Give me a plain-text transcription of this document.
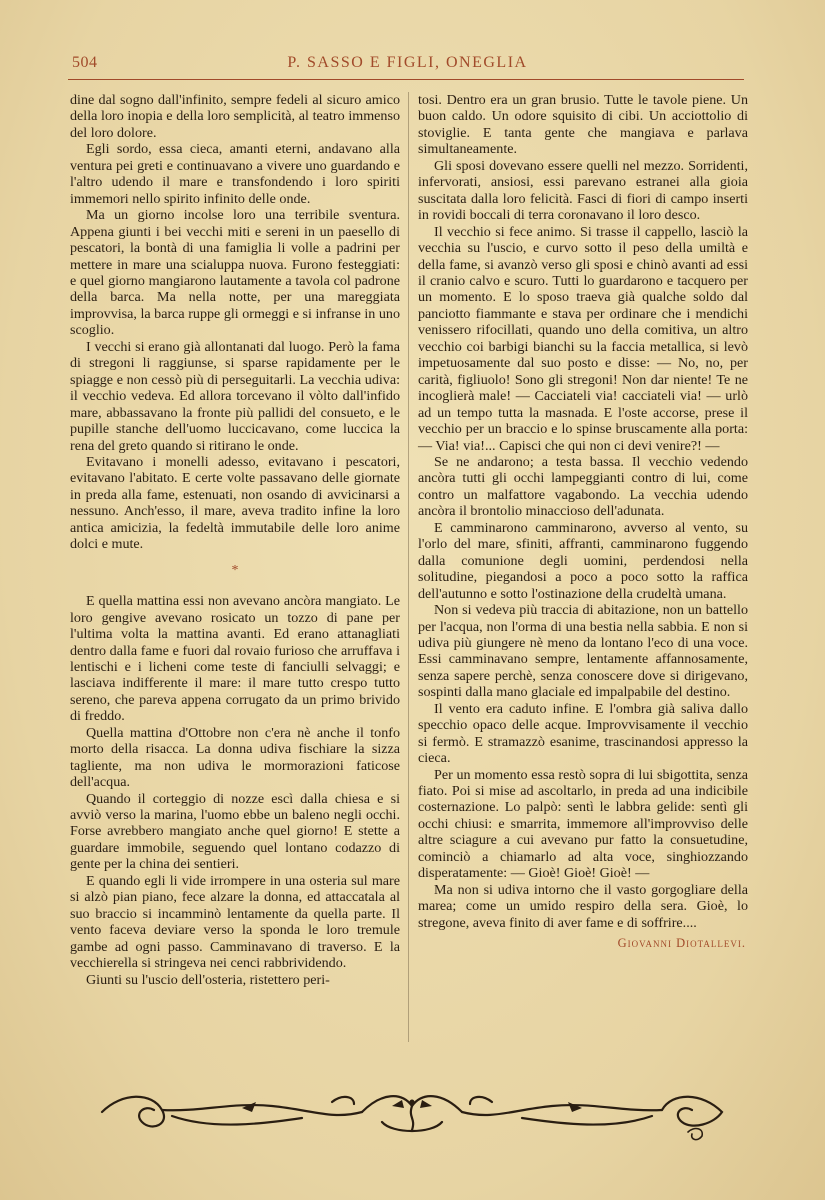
504	P. SASSO E FIGLI, ONEGLIA

dine dal sogno dall'infinito, sempre fedeli al sicuro amico della loro inopia e della loro semplicità, al teatro immenso del loro dolore.

Egli sordo, essa cieca, amanti eterni, andavano alla ventura pei greti e continuavano a vivere uno guardando e l'altro udendo il mare e transfondendo i loro spiriti immemori nello spirito infinito delle onde.

Ma un giorno incolse loro una terribile sventura. Appena giunti i bei vecchi miti e sereni in un paesello di pescatori, la bontà di una famiglia li volle a padrini per mettere in mare una scialuppa nuova. Furono festeggiati: e quel giorno mangiarono lautamente a tavola col padrone della barca. Ma nella notte, per una mareggiata improvvisa, la barca ruppe gli ormeggi e si infranse in uno scoglio.

I vecchi si erano già allontanati dal luogo. Però la fama di stregoni li raggiunse, si sparse rapidamente per le spiagge e non cessò più di perseguitarli. La vecchia udiva: il vecchio vedeva. Ed allora torcevano il vòlto dall'infido mare, abbassavano la fronte più pallidi del consueto, e le pupille stanche dell'uomo luccicavano, come luccica la rena del greto quando si ritirano le onde.

Evitavano i monelli adesso, evitavano i pescatori, evitavano l'abitato. E certe volte passavano delle giornate in preda alla fame, estenuati, non osando di avvicinarsi a nessuno. Anch'esso, il mare, aveva tradito infine la loro antica amicizia, la fedeltà immutabile delle loro anime dolci e mute.

*

E quella mattina essi non avevano ancòra mangiato. Le loro gengive avevano rosicato un tozzo di pane per l'ultima volta la mattina avanti. Ed erano attanagliati dentro dalla fame e fuori dal rovaio furioso che arruffava i lentischi e i licheni come teste di fanciulli selvaggi; e lasciava indifferente il mare: il mare tutto crespo tutto sereno, che pareva appena corrugato da un primo brivido di freddo.

Quella mattina d'Ottobre non c'era nè anche il tonfo morto della risacca. La donna udiva fischiare la sizza tagliente, ma non udiva le mormorazioni faticose dell'acqua.

Quando il corteggio di nozze escì dalla chiesa e si avviò verso la marina, l'uomo ebbe un baleno negli occhi. Forse avrebbero mangiato anche quel giorno! E stette a guardare immobile, seguendo quel lontano codazzo di gente per la china dei sentieri.

E quando egli li vide irrompere in una osteria sul mare si alzò pian piano, fece alzare la donna, ed attaccatala al suo braccio si incamminò lentamente da quella parte. Il vento faceva deviare verso la sponda le loro tremule gambe ad ogni passo. Camminavano di traverso. E la vecchierella si stringeva nei cenci rabbrividendo.

Giunti su l'uscio dell'osteria, ristettero peri-

tosi. Dentro era un gran brusio. Tutte le tavole piene. Un buon caldo. Un odore squisito di cibi. Un acciottolio di stoviglie. E tanta gente che mangiava e parlava simultaneamente.

Gli sposi dovevano essere quelli nel mezzo. Sorridenti, infervorati, ansiosi, essi parevano estranei alla gioia suscitata dalla loro felicità. Fasci di fiori di campo inserti in rovidi boccali di terra coronavano il loro desco.

Il vecchio si fece animo. Si trasse il cappello, lasciò la vecchia su l'uscio, e curvo sotto il peso della umiltà e della fame, si avanzò verso gli sposi e chinò avanti ad essi il cranio calvo e scuro. Tutti lo guardarono e tacquero per un momento. E lo sposo traeva già qualche soldo dal panciotto fiammante e stava per ordinare che i mendichi venissero rifocillati, quando uno della comitiva, un altro vecchio coi barbigi bianchi su la faccia metallica, si levò impetuosamente dal suo posto e disse: — No, no, per carità, figliuolo! Sono gli stregoni! Non dar niente! Te ne incoglierà male! — Cacciateli via! cacciateli via! — urlò ad un tempo tutta la masnada. E l'oste accorse, prese il vecchio per un braccio e lo spinse bruscamente alla porta: — Via! via!... Capisci che qui non ci devi venire?! —

Se ne andarono; a testa bassa. Il vecchio vedendo ancòra tutti gli occhi lampeggianti contro di lui, come contro un malfattore vagabondo. La vecchia udendo ancòra il brontolio minaccioso dell'adunata.

E camminarono camminarono, avverso al vento, su l'orlo del mare, sfiniti, affranti, camminarono fuggendo dalla comunione degli uomini, perdendosi nella solitudine, piegandosi a poco a poco sotto la raffica dell'autunno e sotto l'ostinazione della crudeltà umana.

Non si vedeva più traccia di abitazione, non un battello per l'acqua, non l'orma di una bestia nella sabbia. E non si udiva più giungere nè meno da lontano l'eco di una voce. Essi camminavano sempre, lentamente affannosamente, senza sapere perchè, senza conoscere dove si dirigevano, sospinti dalla mano glaciale ed impalpabile del destino.

Il vento era caduto infine. E l'ombra già saliva dallo specchio opaco delle acque. Improvvisamente il vecchio si fermò. E stramazzò esanime, trascinandosi appresso la cieca.

Per un momento essa restò sopra di lui sbigottita, senza fiato. Poi si mise ad ascoltarlo, in preda ad una indicibile costernazione. Lo palpò: sentì le labbra gelide: sentì gli occhi chiusi: e smarrita, immemore all'improvviso delle altre sciagure a cui avevano pur fatto la consuetudine, cominciò a chiamarlo ad alta voce, singhiozzando disperatamente: — Gioè! Gioè! Gioè! —

Ma non si udiva intorno che il vasto gorgogliare della marea; come un umido respiro della sera. Gioè, lo stregone, aveva finito di aver fame e di soffrire....

Giovanni Diotallevi.
